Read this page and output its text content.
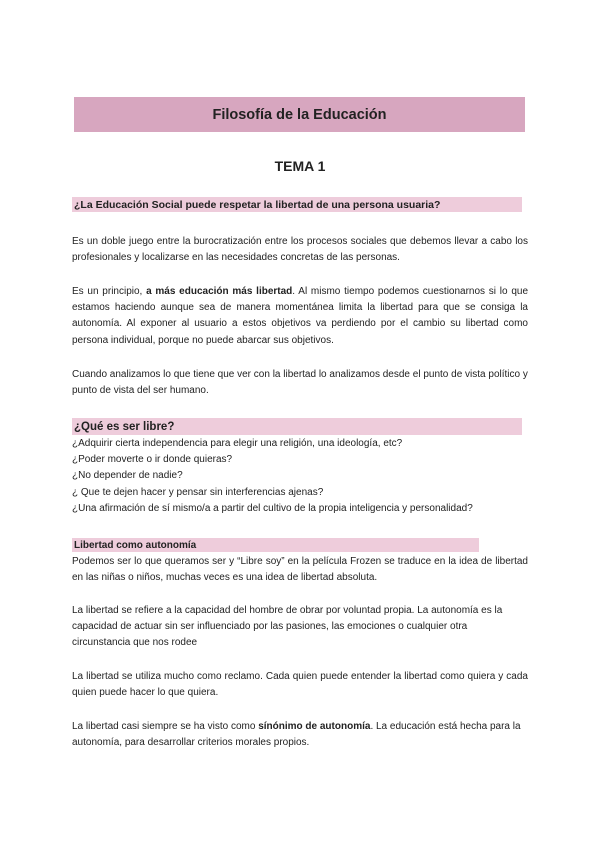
Filosofía de la Educación
TEMA 1
¿La Educación Social puede respetar la libertad de una persona usuaria?
Es un doble juego entre la burocratización entre los procesos sociales que debemos llevar a cabo los profesionales y localizarse en las necesidades concretas de las personas.
Es un principio, a más educación más libertad. Al mismo tiempo podemos cuestionarnos si lo que estamos haciendo aunque sea de manera momentánea limita la libertad para que se consiga la autonomía. Al exponer al usuario a estos objetivos va perdiendo por el cambio su libertad como persona individual, porque no puede abarcar sus objetivos.
Cuando analizamos lo que tiene que ver con la libertad lo analizamos desde el punto de vista político y punto de vista del ser humano.
¿Qué es ser libre?
¿Adquirir cierta independencia para elegir una religión, una ideología, etc?
¿Poder moverte o ir donde quieras?
¿No depender de nadie?
¿ Que te dejen hacer y pensar sin interferencias ajenas?
¿Una afirmación de sí mismo/a a partir del cultivo de la propia inteligencia y personalidad?
Libertad como autonomía
Podemos ser lo que queramos ser y “Libre soy” en la película Frozen se traduce en la idea de libertad en las niñas o niños, muchas veces es una idea de libertad absoluta.
La libertad se refiere a la capacidad del hombre de obrar por voluntad propia. La autonomía es la capacidad de actuar sin ser influenciado por las pasiones, las emociones o cualquier otra circunstancia que nos rodee
La libertad se utiliza mucho como reclamo. Cada quien puede entender la libertad como quiera y cada quien puede hacer lo que quiera.
La libertad casi siempre se ha visto como sínónimo de autonomía. La educación está hecha para la autonomía, para desarrollar criterios morales propios.
